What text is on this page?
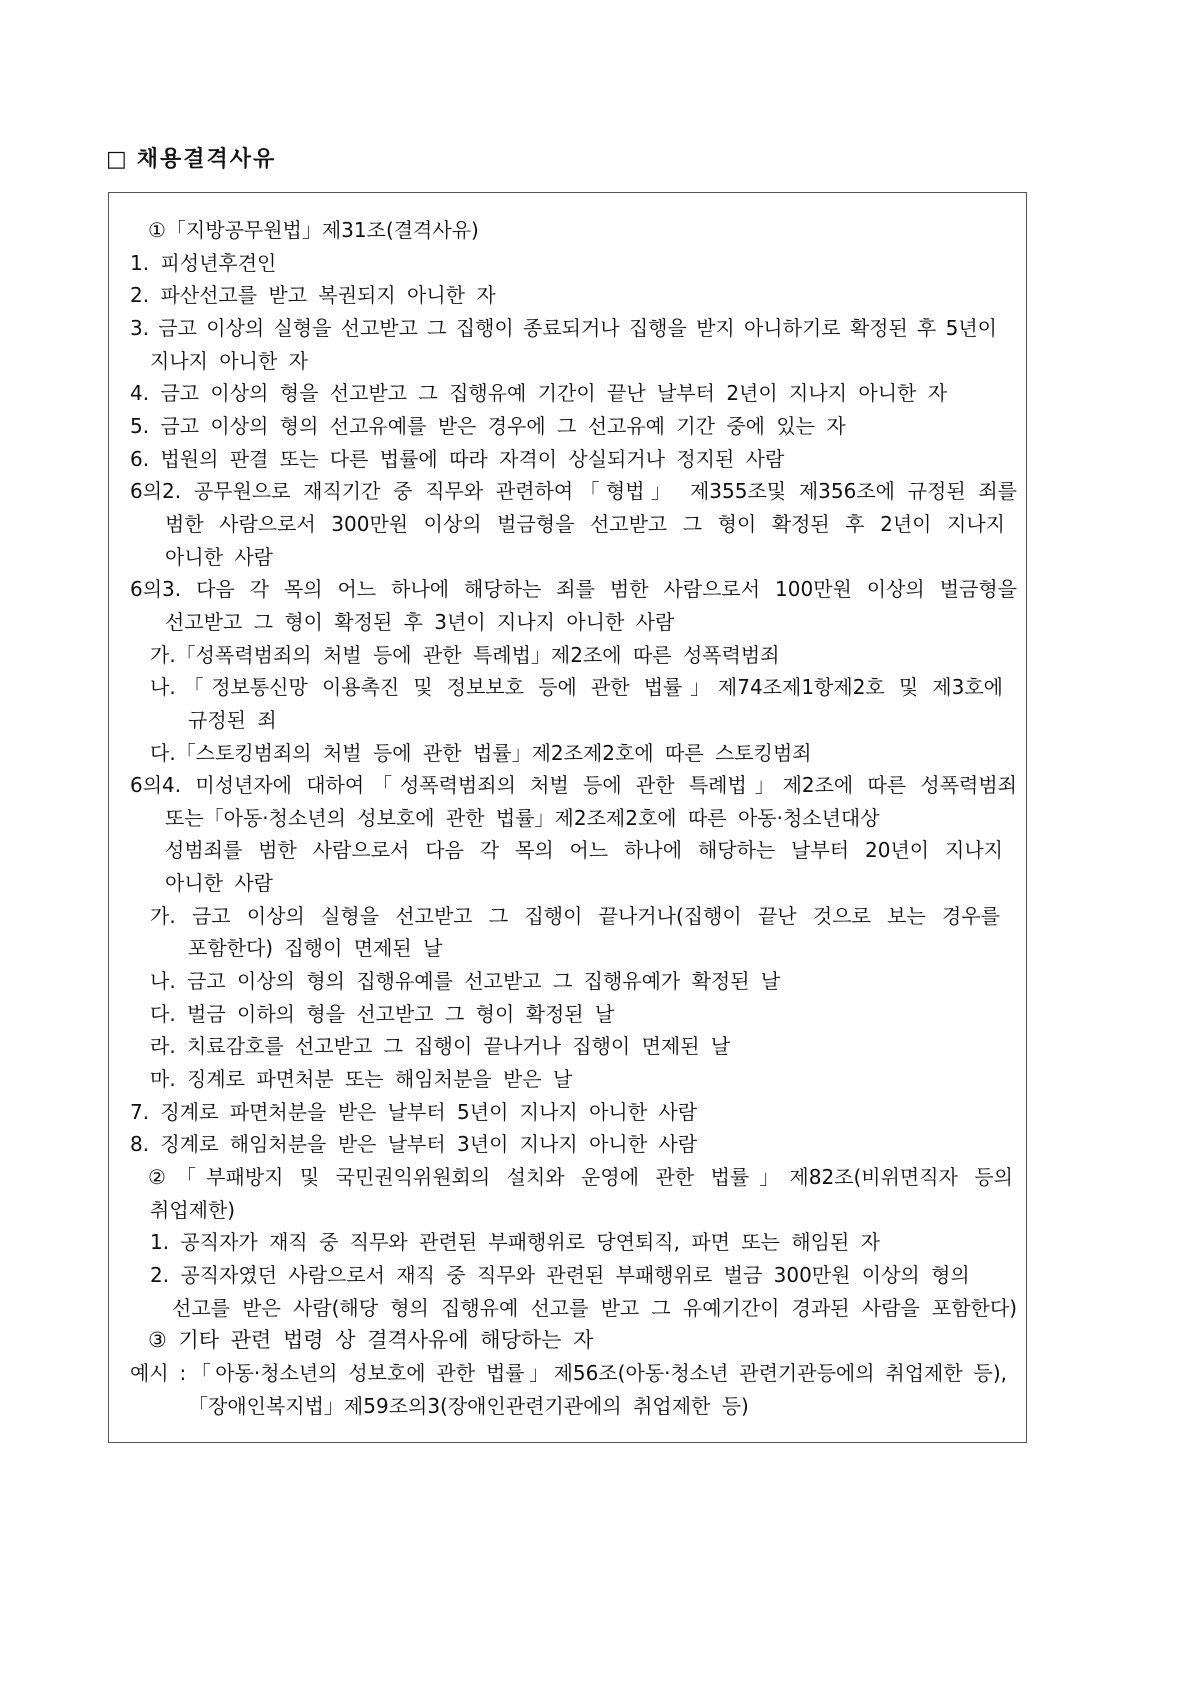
□ 채용결격사유
①「지방공무원법」제31조(결격사유)
1. 피성년후견인
2. 파산선고를 받고 복권되지 아니한 자
3. 금고 이상의 실형을 선고받고 그 집행이 종료되거나 집행을 받지 아니하기로 확정된 후 5년이
지나지 아니한 자
4. 금고 이상의 형을 선고받고 그 집행유예 기간이 끝난 날부터 2년이 지나지 아니한 자
5. 금고 이상의 형의 선고유예를 받은 경우에 그 선고유예 기간 중에 있는 자
6. 법원의 판결 또는 다른 법률에 따라 자격이 상실되거나 정지된 사람
6의2. 공무원으로 재직기간 중 직무와 관련하여「형법」 제355조및 제356조에 규정된 죄를
범한 사람으로서 300만원 이상의 벌금형을 선고받고 그 형이 확정된 후 2년이 지나지
아니한 사람
6의3. 다음 각 목의 어느 하나에 해당하는 죄를 범한 사람으로서 100만원 이상의 벌금형을
선고받고 그 형이 확정된 후 3년이 지나지 아니한 사람
가.「성폭력범죄의 처벌 등에 관한 특례법」제2조에 따른 성폭력범죄
나.「정보통신망 이용촉진 및 정보보호 등에 관한 법률」제74조제1항제2호 및 제3호에
규정된 죄
다.「스토킹범죄의 처벌 등에 관한 법률」제2조제2호에 따른 스토킹범죄
6의4. 미성년자에 대하여「성폭력범죄의 처벌 등에 관한 특례법」제2조에 따른 성폭력범죄
또는「아동·청소년의 성보호에 관한 법률」제2조제2호에 따른 아동·청소년대상
성범죄를 범한 사람으로서 다음 각 목의 어느 하나에 해당하는 날부터 20년이 지나지
아니한 사람
가. 금고 이상의 실형을 선고받고 그 집행이 끝나거나(집행이 끝난 것으로 보는 경우를
포함한다) 집행이 면제된 날
나. 금고 이상의 형의 집행유예를 선고받고 그 집행유예가 확정된 날
다. 벌금 이하의 형을 선고받고 그 형이 확정된 날
라. 치료감호를 선고받고 그 집행이 끝나거나 집행이 면제된 날
마. 징계로 파면처분 또는 해임처분을 받은 날
7. 징계로 파면처분을 받은 날부터 5년이 지나지 아니한 사람
8. 징계로 해임처분을 받은 날부터 3년이 지나지 아니한 사람
②「부패방지 및 국민권익위원회의 설치와 운영에 관한 법률」제82조(비위면직자 등의
취업제한)
1. 공직자가 재직 중 직무와 관련된 부패행위로 당연퇴직, 파면 또는 해임된 자
2. 공직자였던 사람으로서 재직 중 직무와 관련된 부패행위로 벌금 300만원 이상의 형의
선고를 받은 사람(해당 형의 집행유예 선고를 받고 그 유예기간이 경과된 사람을 포함한다)
③ 기타 관련 법령 상 결격사유에 해당하는 자
예시 :「아동·청소년의 성보호에 관한 법률」제56조(아동·청소년 관련기관등에의 취업제한 등),
「장애인복지법」제59조의3(장애인관련기관에의 취업제한 등)
